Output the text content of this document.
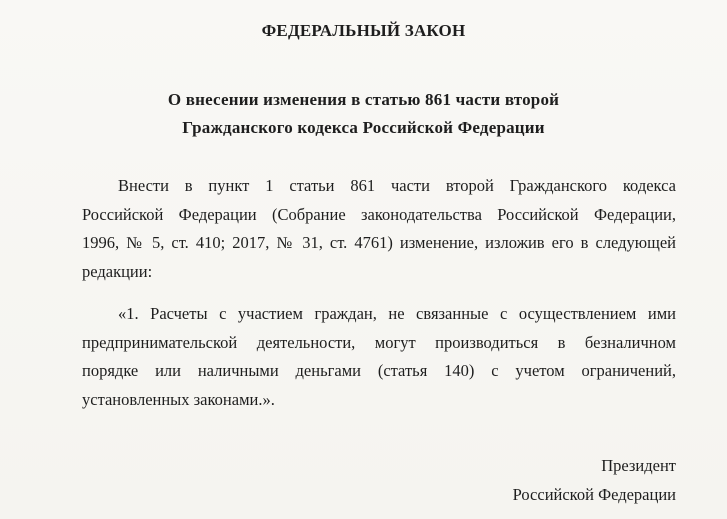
ФЕДЕРАЛЬНЫЙ ЗАКОН
О внесении изменения в статью 861 части второй
Гражданского кодекса Российской Федерации
Внести в пункт 1 статьи 861 части второй Гражданского кодекса
Российской Федерации (Собрание законодательства Российской Федерации,
1996, № 5, ст. 410; 2017, № 31, ст. 4761) изменение, изложив его в следующей
редакции:
«1. Расчеты с участием граждан, не связанные с осуществлением ими
предпринимательской деятельности, могут производиться в безналичном
порядке или наличными деньгами (статья 140) с учетом ограничений,
установленных законами.».
Президент
Российской Федерации
